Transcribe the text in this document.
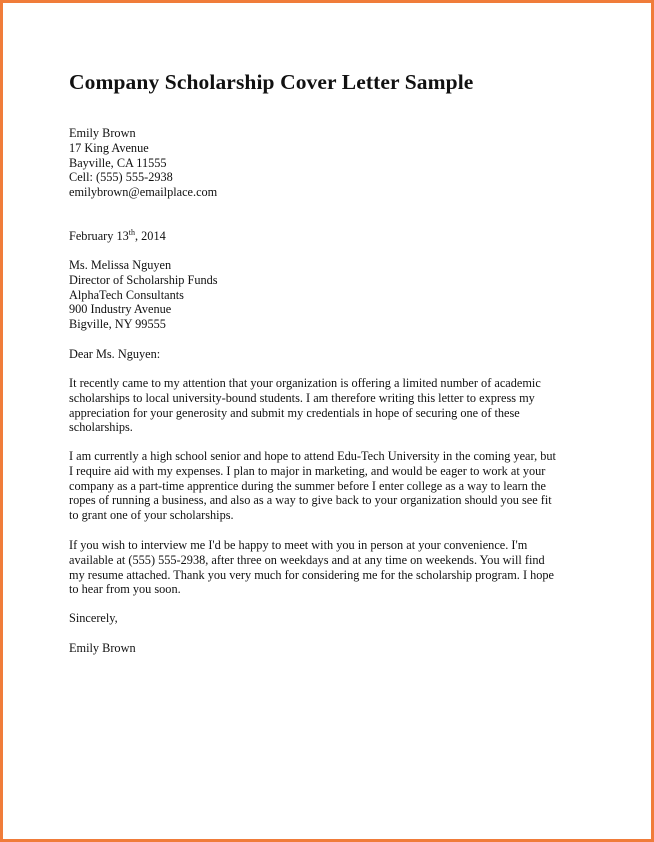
Company Scholarship Cover Letter Sample
Emily Brown
17 King Avenue
Bayville, CA 11555
Cell: (555) 555-2938
emilybrown@emailplace.com
February 13th, 2014
Ms. Melissa Nguyen
Director of Scholarship Funds
AlphaTech Consultants
900 Industry Avenue
Bigville, NY 99555

Dear Ms. Nguyen:

It recently came to my attention that your organization is offering a limited number of academic scholarships to local university-bound students. I am therefore writing this letter to express my appreciation for your generosity and submit my credentials in hope of securing one of these scholarships.

I am currently a high school senior and hope to attend Edu-Tech University in the coming year, but I require aid with my expenses. I plan to major in marketing, and would be eager to work at your company as a part-time apprentice during the summer before I enter college as a way to learn the ropes of running a business, and also as a way to give back to your organization should you see fit to grant one of your scholarships.

If you wish to interview me I'd be happy to meet with you in person at your convenience. I'm available at (555) 555-2938, after three on weekdays and at any time on weekends. You will find my resume attached. Thank you very much for considering me for the scholarship program. I hope to hear from you soon.

Sincerely,

Emily Brown
